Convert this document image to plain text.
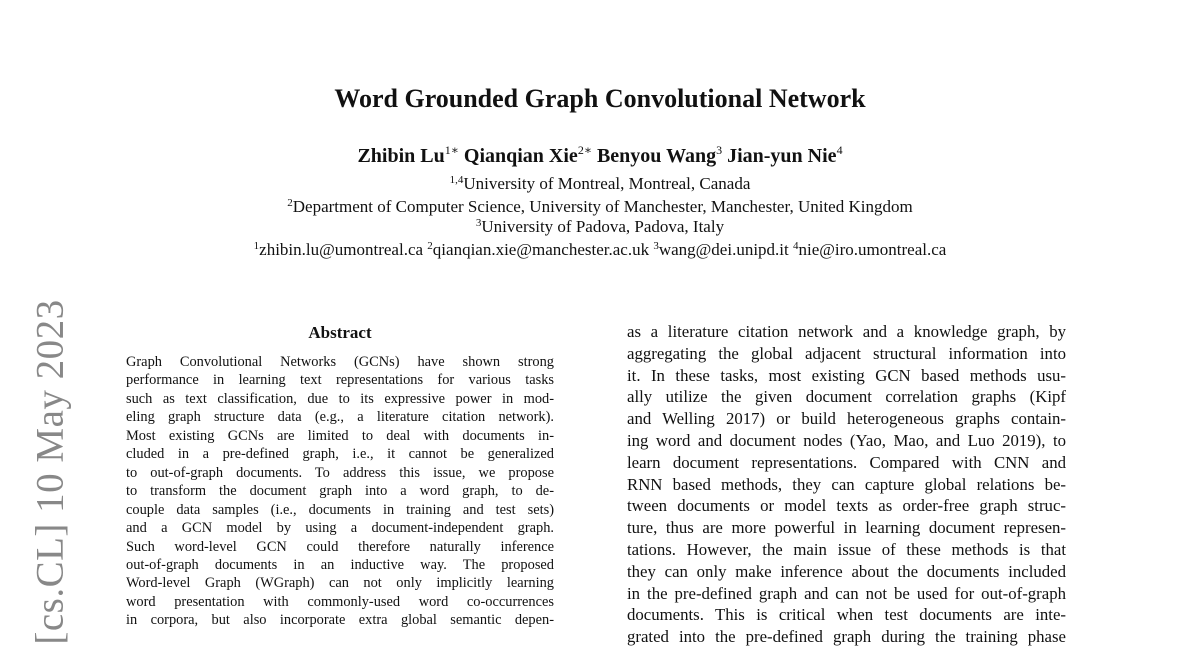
[cs.CL] 10 May 2023
Word Grounded Graph Convolutional Network
Zhibin $Lu^{1∗}$ Qianqian Xie$^{2∗}$ Benyou Wang$^3$ Jian-yun Nie$^4$
$^{1,4}$University of Montreal, Montreal, Canada
$^2$Department of Computer Science, University of Manchester, Manchester, United Kingdom
$^3$University of Padova, Padova, Italy
$^1$zhibin.lu@umontreal.ca $^2$qianqian.xie@manchester.ac.uk $^3$wang@dei.unipd.it $^4$nie@iro.umontreal.ca
Abstract
Graph Convolutional Networks (GCNs) have shown strong
performance in learning text representations for various tasks
such as text classification, due to its expressive power in mod-
eling graph structure data (e.g., a literature citation network).
Most existing GCNs are limited to deal with documents in-
cluded in a pre-defined graph, i.e., it cannot be generalized
to out-of-graph documents. To address this issue, we propose
to transform the document graph into a word graph, to de-
couple data samples (i.e., documents in training and test sets)
and a GCN model by using a document-independent graph.
Such word-level GCN could therefore naturally inference
out-of-graph documents in an inductive way. The proposed
Word-level Graph (WGraph) can not only implicitly learning
word presentation with commonly-used word co-occurrences
in corpora, but also incorporate extra global semantic depen-
as a literature citation network and a knowledge graph, by
aggregating the global adjacent structural information into
it. In these tasks, most existing GCN based methods usu-
ally utilize the given document correlation graphs (Kipf
and Welling 2017) or build heterogeneous graphs contain-
ing word and document nodes (Yao, Mao, and Luo 2019), to
learn document representations. Compared with CNN and
RNN based methods, they can capture global relations be-
tween documents or model texts as order-free graph struc-
ture, thus are more powerful in learning document represen-
tations. However, the main issue of these methods is that
they can only make inference about the documents included
in the pre-defined graph and can not be used for out-of-graph
documents. This is critical when test documents are inte-
grated into the pre-defined graph during the training phase
